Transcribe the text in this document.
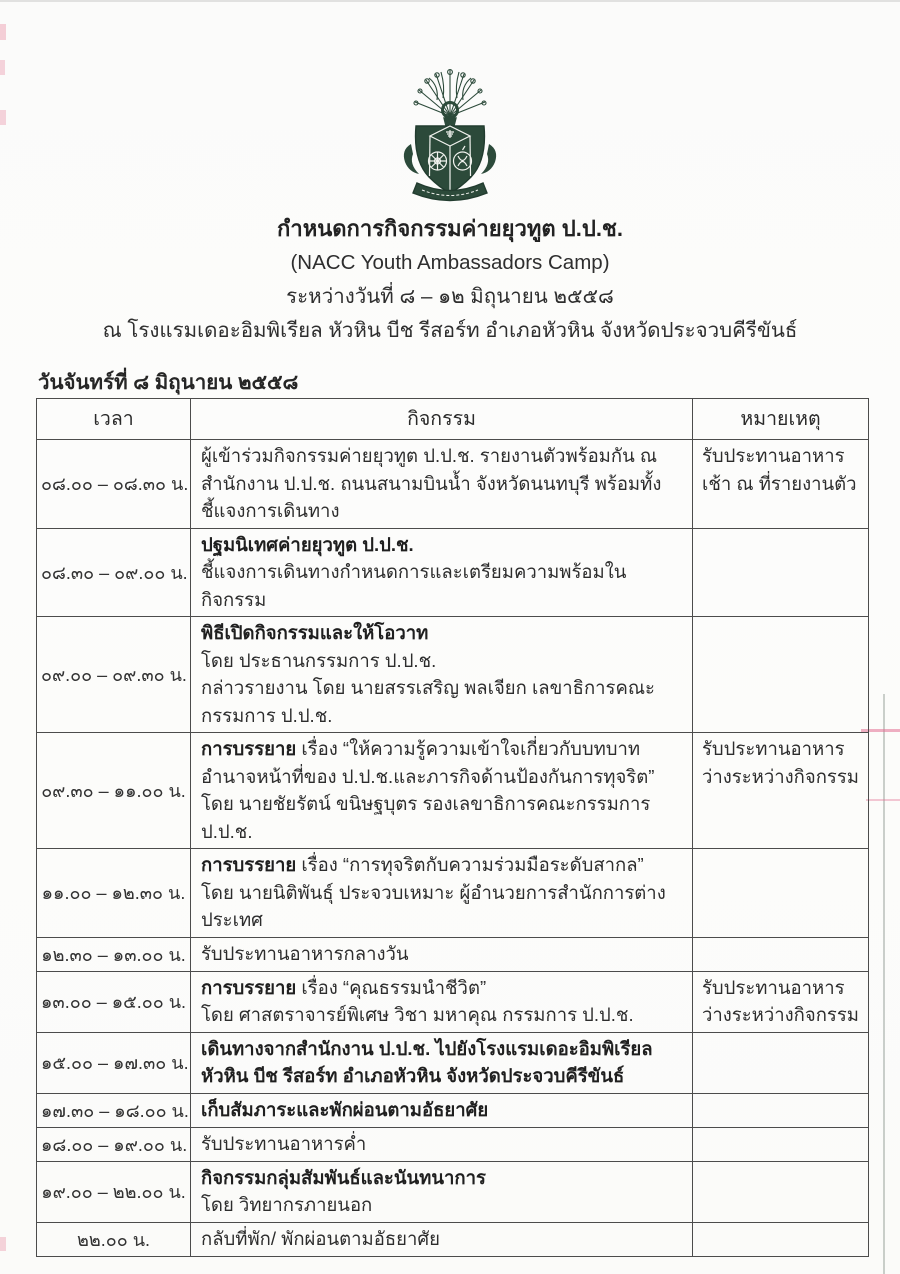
กำหนดการกิจกรรมค่ายยุวทูต ป.ป.ช.
(NACC Youth Ambassadors Camp)
ระหว่างวันที่ ๘ – ๑๒ มิถุนายน ๒๕๕๘
ณ โรงแรมเดอะอิมพิเรียล หัวหิน บีช รีสอร์ท อำเภอหัวหิน จังหวัดประจวบคีรีขันธ์
วันจันทร์ที่ ๘ มิถุนายน ๒๕๕๘
เวลา	กิจกรรม	หมายเหตุ
๐๘.๐๐ – ๐๘.๓๐ น.	ผู้เข้าร่วมกิจกรรมค่ายยุวทูต ป.ป.ช. รายงานตัวพร้อมกัน ณ สำนักงาน ป.ป.ช. ถนนสนามบินน้ำ จังหวัดนนทบุรี พร้อมทั้งชี้แจงการเดินทาง	รับประทานอาหารเช้า ณ ที่รายงานตัว
๐๘.๓๐ – ๐๙.๐๐ น.	ปฐมนิเทศค่ายยุวทูต ป.ป.ช.
ชี้แจงการเดินทางกำหนดการและเตรียมความพร้อมในกิจกรรม	

๐๙.๐๐ – ๐๙.๓๐ น.	พิธีเปิดกิจกรรมและให้โอวาท
โดย ประธานกรรมการ ป.ป.ช.
กล่าวรายงาน โดย นายสรรเสริญ พลเจียก เลขาธิการคณะกรรมการ ป.ป.ช.	

๐๙.๓๐ – ๑๑.๐๐ น.	การบรรยาย เรื่อง “ให้ความรู้ความเข้าใจเกี่ยวกับบทบาท อำนาจหน้าที่ของ ป.ป.ช.และภารกิจด้านป้องกันการทุจริต”
โดย นายชัยรัตน์ ขนิษฐบุตร รองเลขาธิการคณะกรรมการ ป.ป.ช.	รับประทานอาหารว่างระหว่างกิจกรรม
๑๑.๐๐ – ๑๒.๓๐ น.	การบรรยาย เรื่อง “การทุจริตกับความร่วมมือระดับสากล”
โดย นายนิติพันธุ์ ประจวบเหมาะ ผู้อำนวยการสำนักการต่างประเทศ	

๑๒.๓๐ – ๑๓.๐๐ น.	รับประทานอาหารกลางวัน	

๑๓.๐๐ – ๑๕.๐๐ น.	การบรรยาย เรื่อง “คุณธรรมนำชีวิต”
โดย ศาสตราจารย์พิเศษ วิชา มหาคุณ กรรมการ ป.ป.ช.	รับประทานอาหารว่างระหว่างกิจกรรม
๑๕.๐๐ – ๑๗.๓๐ น.	เดินทางจากสำนักงาน ป.ป.ช. ไปยังโรงแรมเดอะอิมพิเรียล หัวหิน บีช รีสอร์ท อำเภอหัวหิน จังหวัดประจวบคีรีขันธ์	

๑๗.๓๐ – ๑๘.๐๐ น.	เก็บสัมภาระและพักผ่อนตามอัธยาศัย	

๑๘.๐๐ – ๑๙.๐๐ น.	รับประทานอาหารค่ำ	

๑๙.๐๐ – ๒๒.๐๐ น.	กิจกรรมกลุ่มสัมพันธ์และนันทนาการ
โดย วิทยากรภายนอก	

๒๒.๐๐ น.	กลับที่พัก/ พักผ่อนตามอัธยาศัย	
